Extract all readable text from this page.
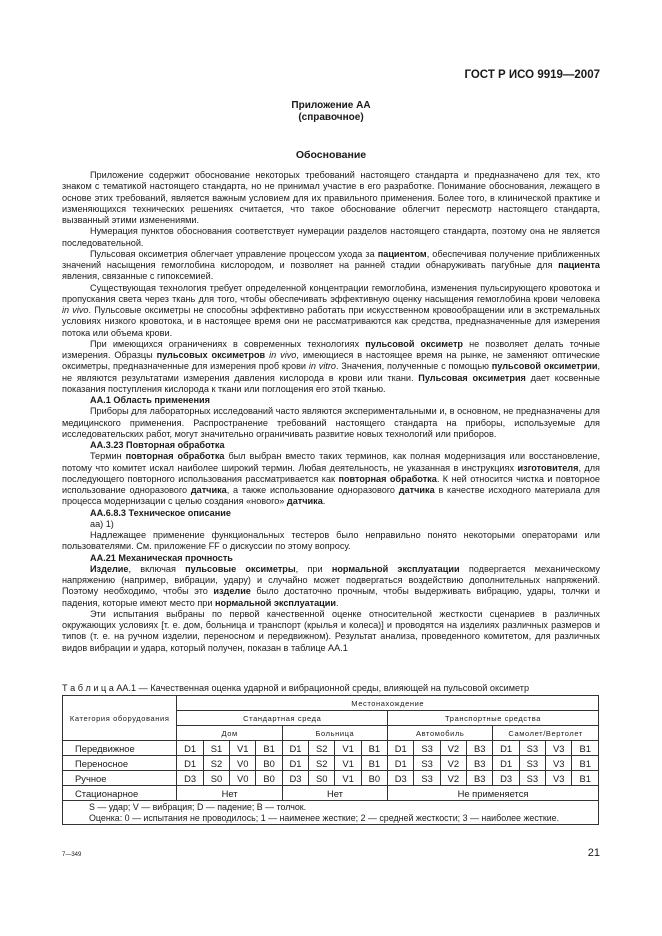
ГОСТ Р ИСО 9919—2007
Приложение АА
(справочное)
Обоснование

Приложение содержит обоснование некоторых требований настоящего стандарта и предназначено для тех, кто знаком с тематикой настоящего стандарта, но не принимал участие в его разработке. Понимание обоснования, лежащего в основе этих требований, является важным условием для их правильного применения. Более того, в клинической практике и изменяющихся технических решениях считается, что такое обоснование облегчит пересмотр настоящего стандарта, вызванный этими изменениями.

Нумерация пунктов обоснования соответствует нумерации разделов настоящего стандарта, поэтому она не является последовательной.

Пульсовая оксиметрия облегчает управление процессом ухода за пациентом, обеспечивая получение приближенных значений насыщения гемоглобина кислородом, и позволяет на ранней стадии обнаруживать пагубные для пациента явления, связанные с гипоксемией.

Существующая технология требует определенной концентрации гемоглобина, изменения пульсирующего кровотока и пропускания света через ткань для того, чтобы обеспечивать эффективную оценку насыщения гемоглобина крови человека in vivo. Пульсовые оксиметры не способны эффективно работать при искусственном кровообращении или в экстремальных условиях низкого кровотока, и в настоящее время они не рассматриваются как средства, предназначенные для измерения потока или объема крови.

При имеющихся ограничениях в современных технологиях пульсовой оксиметр не позволяет делать точные измерения. Образцы пульсовых оксиметров in vivo, имеющиеся в настоящее время на рынке, не заменяют оптические оксиметры, предназначенные для измерения проб крови in vitro. Значения, полученные с помощью пульсовой оксиметрии, не являются результатами измерения давления кислорода в крови или ткани. Пульсовая оксиметрия дает косвенные показания поступления кислорода к ткани или поглощения его этой тканью.

АА.1 Область применения

Приборы для лабораторных исследований часто являются экспериментальными и, в основном, не предназначены для медицинского применения. Распространение требований настоящего стандарта на приборы, используемые для исследовательских работ, могут значительно ограничивать развитие новых технологий или приборов.

АА.3.23 Повторная обработка

Термин повторная обработка был выбран вместо таких терминов, как полная модернизация или восстановление, потому что комитет искал наиболее широкий термин. Любая деятельность, не указанная в инструкциях изготовителя, для последующего повторного использования рассматривается как повторная обработка. К ней относится чистка и повторное использование одноразового датчика, а также использование одноразового датчика в качестве исходного материала для процесса модернизации с целью создания «нового» датчика.

АА.6.8.3 Техническое описание

аа) 1)

Надлежащее применение функциональных тестеров было неправильно понято некоторыми операторами или пользователями. См. приложение FF о дискуссии по этому вопросу.

АА.21 Механическая прочность

Изделие, включая пульсовые оксиметры, при нормальной эксплуатации подвергается механическому напряжению (например, вибрации, удару) и случайно может подвергаться воздействию дополнительных напряжений. Поэтому необходимо, чтобы это изделие было достаточно прочным, чтобы выдерживать вибрацию, удары, толчки и падения, которые имеют место при нормальной эксплуатации.

Эти испытания выбраны по первой качественной оценке относительной жесткости сценариев в различных окружающих условиях [т. е. дом, больница и транспорт (крылья и колеса)] и проводятся на изделиях различных размеров и типов (т. е. на ручном изделии, переносном и передвижном). Результат анализа, проведенного комитетом, для различных видов вибрации и удара, который получен, показан в таблице АА.1

Т а б л и ц а АА.1 — Качественная оценка ударной и вибрационной среды, влияющей на пульсовой оксиметр
Категория оборудования	Местонахождение															
	Стандартная среда								Транспортные средства							
	Дом				Больница				Автомобиль				Самолет/Вертолет			
Передвижное	D1	S1	V1	B1	D1	S2	V1	B1	D1	S3	V2	B3	D1	S3	V3	B1
Переносное	D1	S2	V0	B0	D1	S2	V1	B1	D1	S3	V2	B3	D1	S3	V3	B1
Ручное	D3	S0	V0	B0	D3	S0	V1	B0	D3	S3	V2	B3	D3	S3	V3	B1
Стационарное	Нет				Нет				Не применяется							

S — удар; V — вибрация; D — падение; B — толчок.
Оценка: 0 — испытания не проводилось; 1 — наименее жесткие; 2 — средней жесткости; 3 — наиболее жесткие.																
7—349	21
